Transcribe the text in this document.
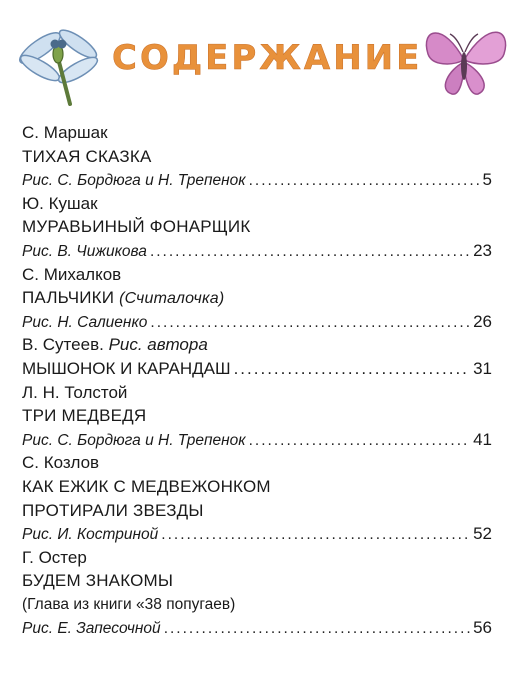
СОДЕРЖАНИЕ
С. Маршак
ТИХАЯ СКАЗКА
Рис. С. Бордюга и Н. Трепенок .....	5
Ю. Кушак
МУРАВЬИНЫЙ ФОНАРЩИК
Рис. В. Чижикова .....	23
С. Михалков
ПАЛЬЧИКИ (Считалочка)
Рис. Н. Салиенко .....	26
В. Сутеев. Рис. автора
МЫШОНОК И КАРАНДАШ .....	31
Л. Н. Толстой
ТРИ МЕДВЕДЯ
Рис. С. Бордюга и Н. Трепенок .....	41
С. Козлов
КАК ЕЖИК С МЕДВЕЖОНКОМ
ПРОТИРАЛИ ЗВЕЗДЫ
Рис. И. Костриной .....	52
Г. Остер
БУДЕМ ЗНАКОМЫ
(Глава из книги «38 попугаев)
Рис. Е. Запесочной .....	56
